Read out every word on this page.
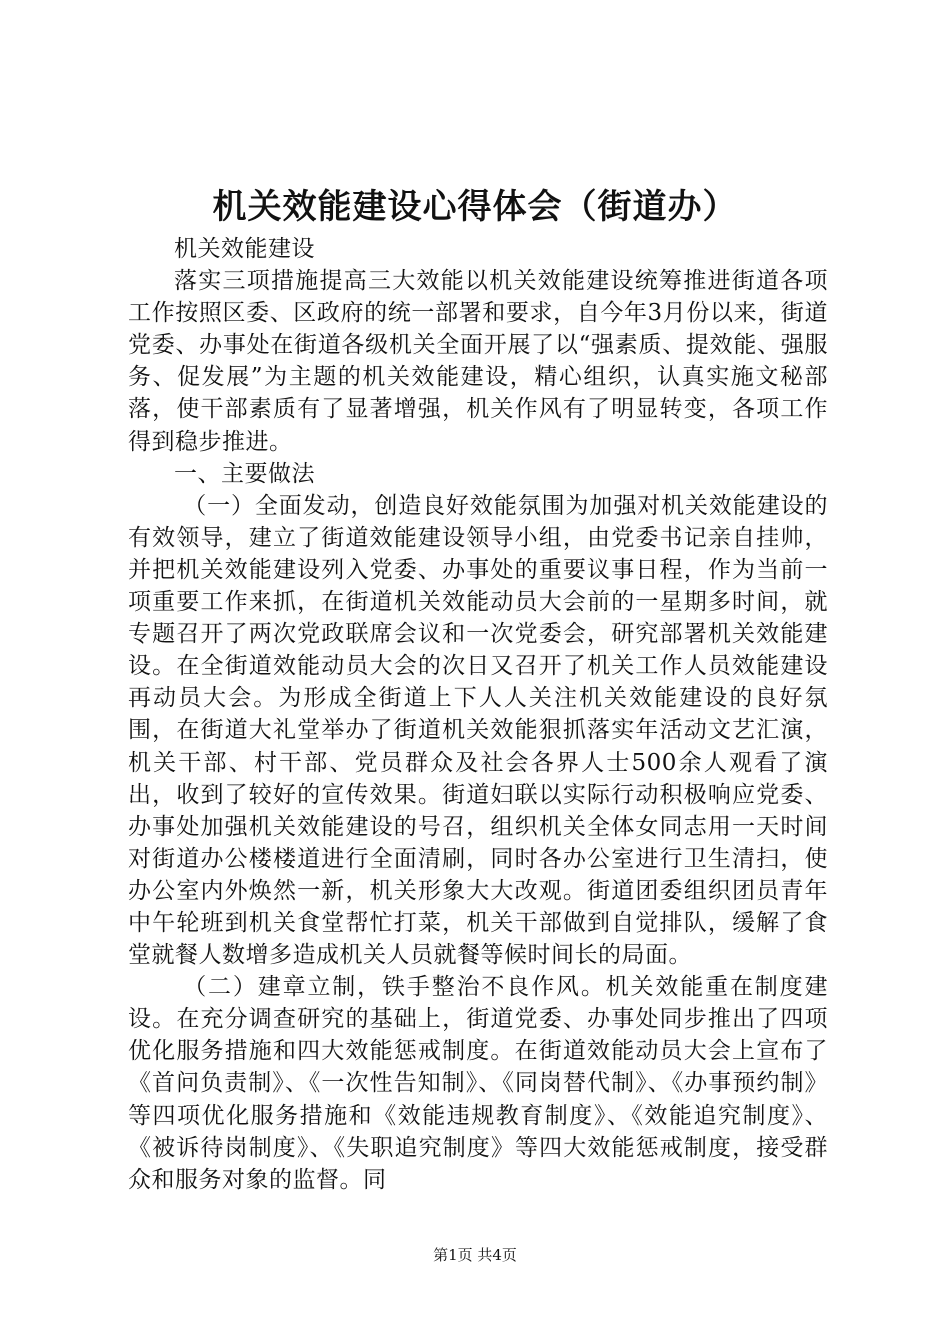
机关效能建设心得体会（街道办）

机关效能建设

落实三项措施提高三大效能以机关效能建设统筹推进街道各项工作按照区委、区政府的统一部署和要求，自今年3月份以来，街道党委、办事处在街道各级机关全面开展了以“强素质、提效能、强服务、促发展”为主题的机关效能建设，精心组织，认真实施文秘部落，使干部素质有了显著增强，机关作风有了明显转变，各项工作得到稳步推进。

一、主要做法

（一）全面发动，创造良好效能氛围为加强对机关效能建设的有效领导，建立了街道效能建设领导小组，由党委书记亲自挂帅，并把机关效能建设列入党委、办事处的重要议事日程，作为当前一项重要工作来抓，在街道机关效能动员大会前的一星期多时间，就专题召开了两次党政联席会议和一次党委会，研究部署机关效能建设。在全街道效能动员大会的次日又召开了机关工作人员效能建设再动员大会。为形成全街道上下人人关注机关效能建设的良好氛围，在街道大礼堂举办了街道机关效能狠抓落实年活动文艺汇演，机关干部、村干部、党员群众及社会各界人士500余人观看了演出，收到了较好的宣传效果。街道妇联以实际行动积极响应党委、办事处加强机关效能建设的号召，组织机关全体女同志用一天时间对街道办公楼楼道进行全面清刷，同时各办公室进行卫生清扫，使办公室内外焕然一新，机关形象大大改观。街道团委组织团员青年中午轮班到机关食堂帮忙打菜，机关干部做到自觉排队，缓解了食堂就餐人数增多造成机关人员就餐等候时间长的局面。

（二）建章立制，铁手整治不良作风。机关效能重在制度建设。在充分调查研究的基础上，街道党委、办事处同步推出了四项优化服务措施和四大效能惩戒制度。在街道效能动员大会上宣布了《首问负责制》、《一次性告知制》、《同岗替代制》、《办事预约制》等四项优化服务措施和《效能违规教育制度》、《效能追究制度》、《被诉待岗制度》、《失职追究制度》等四大效能惩戒制度，接受群众和服务对象的监督。同

第1页 共4页
